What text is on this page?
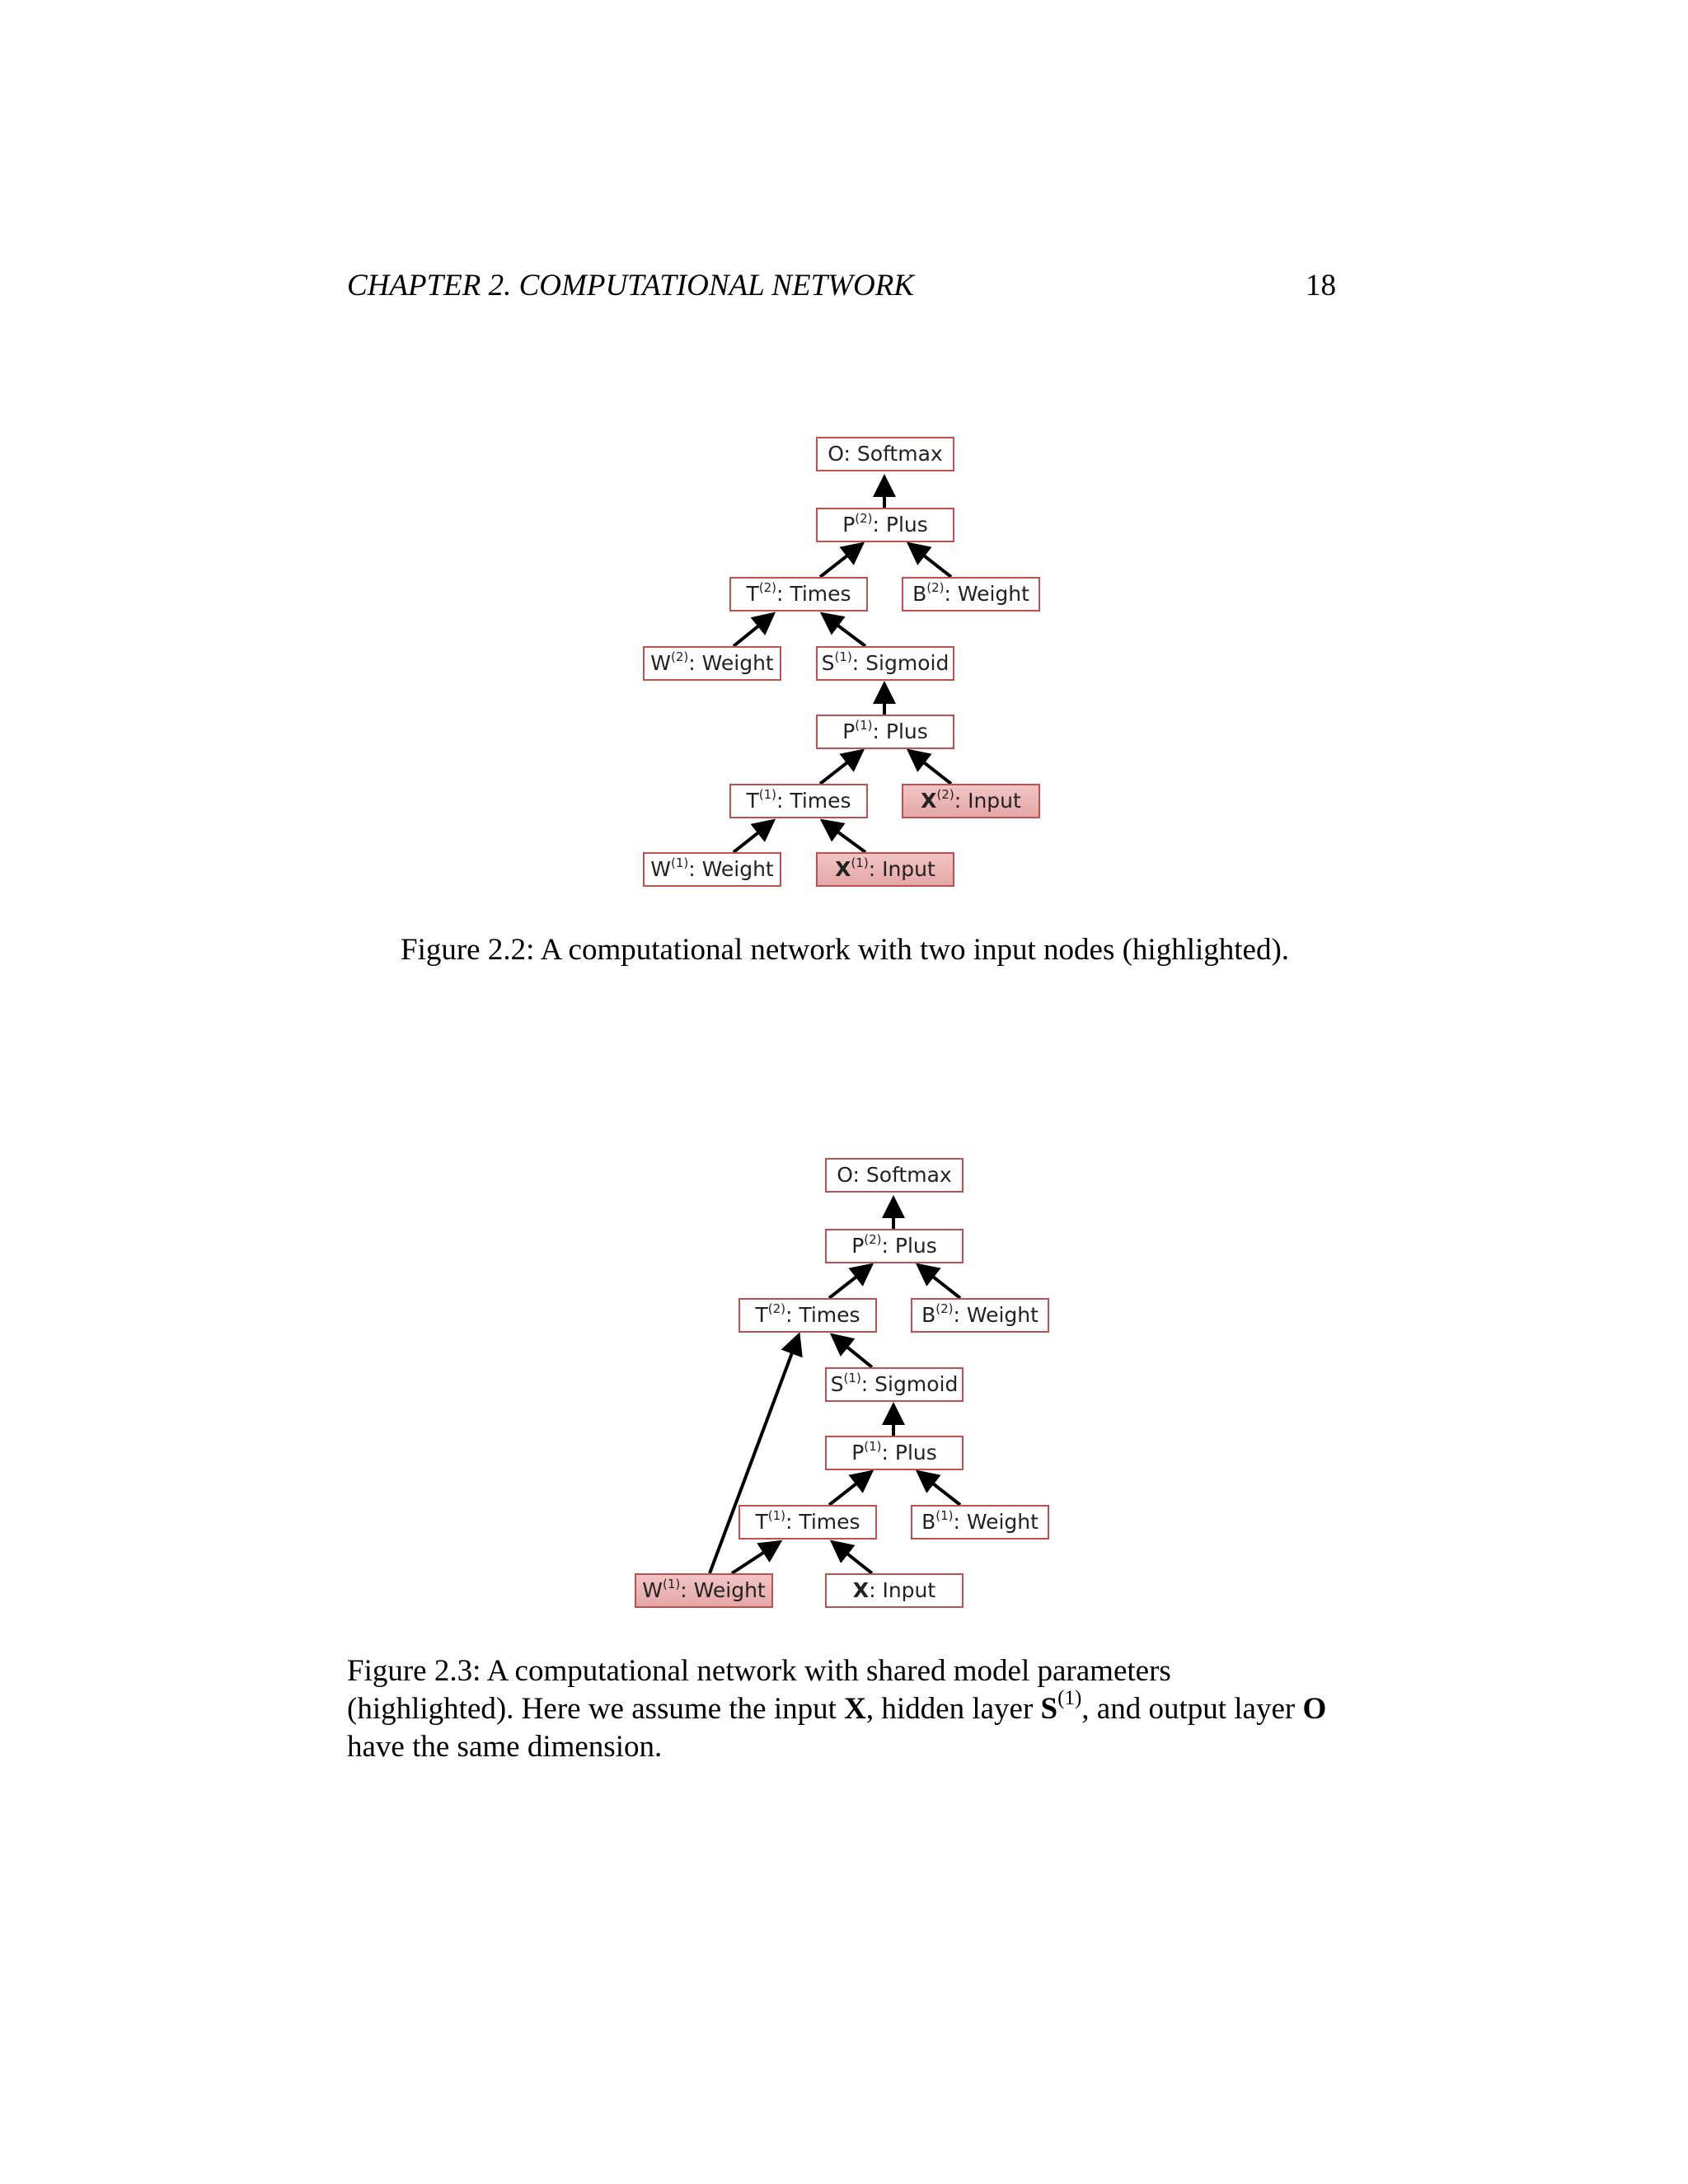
CHAPTER 2. COMPUTATIONAL NETWORK	18
O: Softmax
$P^{(2)}$: Plus
$T^{(2)}$: Times	$B^{(2)}$: Weight
$W^{(2)}$: Weight	$S^{(1)}$: Sigmoid
$P^{(1)}$: Plus
$T^{(1)}$: Times	$X^{(2)}$: Input
$W^{(1)}$: Weight	$X^{(1)}$: Input
Figure 2.2: A computational network with two input nodes (highlighted).
O: Softmax
$P^{(2)}$: Plus
$T^{(2)}$: Times	$B^{(2)}$: Weight
$S^{(1)}$: Sigmoid
$P^{(1)}$: Plus
$T^{(1)}$: Times	$B^{(1)}$: Weight
$W^{(1)}$: Weight	X: Input
Figure 2.3: A computational network with shared model parameters (highlighted). Here we assume the input X, hidden layer $S^{(1)}$, and output layer O have the same dimension.
